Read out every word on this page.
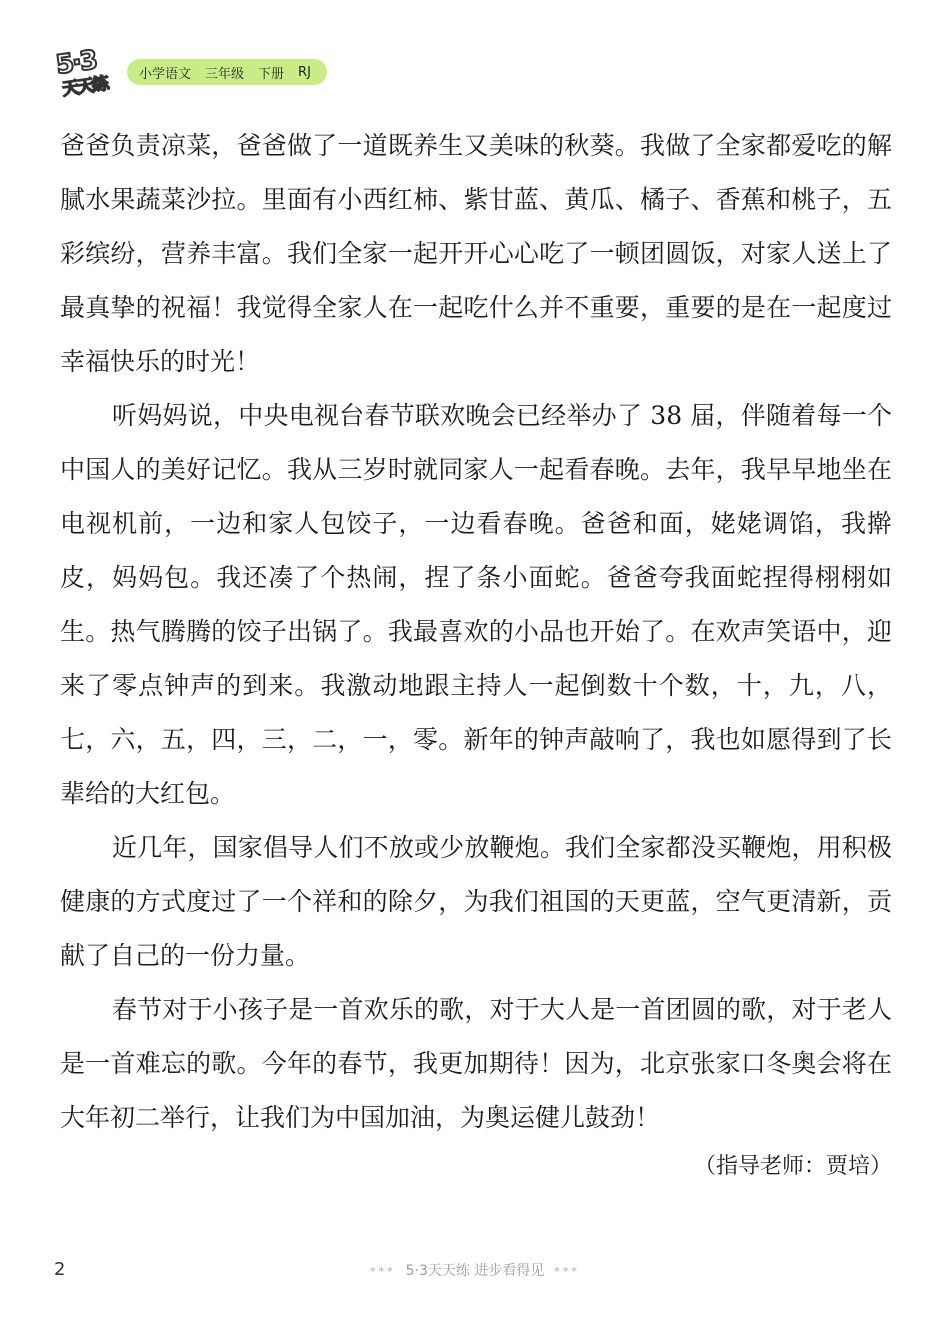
5·3
天天练 小学语文 三年级 下册 RJ

爸爸负责凉菜，爸爸做了一道既养生又美味的秋葵。我做了全家都爱吃的解腻水果蔬菜沙拉。里面有小西红柿、紫甘蓝、黄瓜、橘子、香蕉和桃子，五彩缤纷，营养丰富。我们全家一起开开心心吃了一顿团圆饭，对家人送上了最真挚的祝福！我觉得全家人在一起吃什么并不重要，重要的是在一起度过幸福快乐的时光！

听妈妈说，中央电视台春节联欢晚会已经举办了 38 届，伴随着每一个中国人的美好记忆。我从三岁时就同家人一起看春晚。去年，我早早地坐在电视机前，一边和家人包饺子，一边看春晚。爸爸和面，姥姥调馅，我擀皮，妈妈包。我还凑了个热闹，捏了条小面蛇。爸爸夸我面蛇捏得栩栩如生。热气腾腾的饺子出锅了。我最喜欢的小品也开始了。在欢声笑语中，迎来了零点钟声的到来。我激动地跟主持人一起倒数十个数，十，九，八，七，六，五，四，三，二，一，零。新年的钟声敲响了，我也如愿得到了长辈给的大红包。

近几年，国家倡导人们不放或少放鞭炮。我们全家都没买鞭炮，用积极健康的方式度过了一个祥和的除夕，为我们祖国的天更蓝，空气更清新，贡献了自己的一份力量。

春节对于小孩子是一首欢乐的歌，对于大人是一首团圆的歌，对于老人是一首难忘的歌。今年的春节，我更加期待！因为，北京张家口冬奥会将在大年初二举行，让我们为中国加油，为奥运健儿鼓劲！

（指导老师：贾培）
2	*** 5·3天天练 进步看得见 ***
